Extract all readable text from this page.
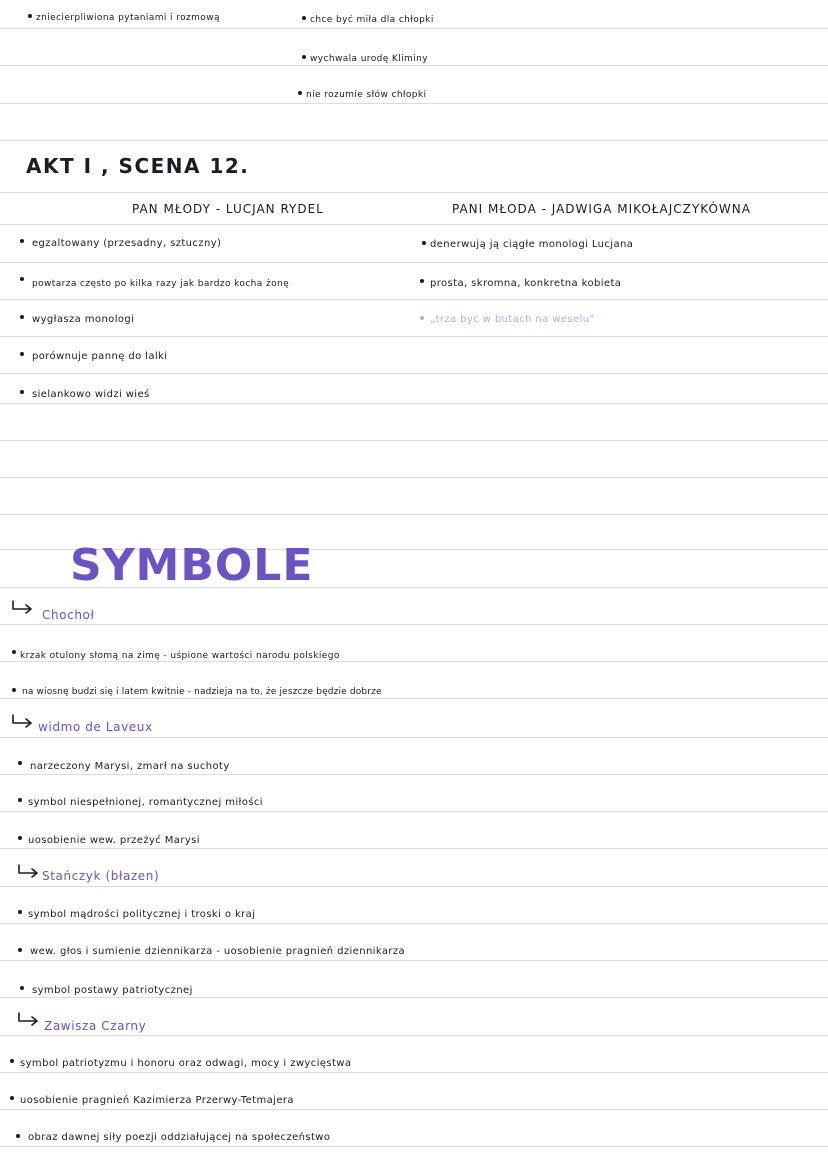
zniecierpliwiona pytaniami i rozmową	chce być miła dla chłopki
wychwala urodę Kliminy
nie rozumie słów chłopki
AKT I , SCENA 12.
PAN MŁODY - LUCJAN RYDEL	PANI MŁODA - JADWIGA MIKOŁAJCZYKÓWNA
egzaltowany (przesadny, sztuczny)
powtarza często po kilka razy jak bardzo kocha żonę
wygłasza monologi
porównuje pannę do lalki
sielankowo widzi wieś
denerwują ją ciągłe monologi Lucjana
prosta, skromna, konkretna kobieta
„trza być w butach na weselu"
SYMBOLE
Chochoł
krzak otulony słomą na zimę - uśpione wartości narodu polskiego
na wiosnę budzi się i latem kwitnie - nadzieja na to, że jeszcze będzie dobrze
widmo de Laveux
narzeczony Marysi, zmarł na suchoty
symbol niespełnionej, romantycznej miłości
uosobienie wew. przeżyć Marysi
Stańczyk (błazen)
symbol mądrości politycznej i troski o kraj
wew. głos i sumienie dziennikarza - uosobienie pragnień dziennikarza
symbol postawy patriotycznej
Zawisza Czarny
symbol patriotyzmu i honoru oraz odwagi, mocy i zwycięstwa
uosobienie pragnień Kazimierza Przerwy-Tetmajera
obraz dawnej siły poezji oddziałującej na społeczeństwo
